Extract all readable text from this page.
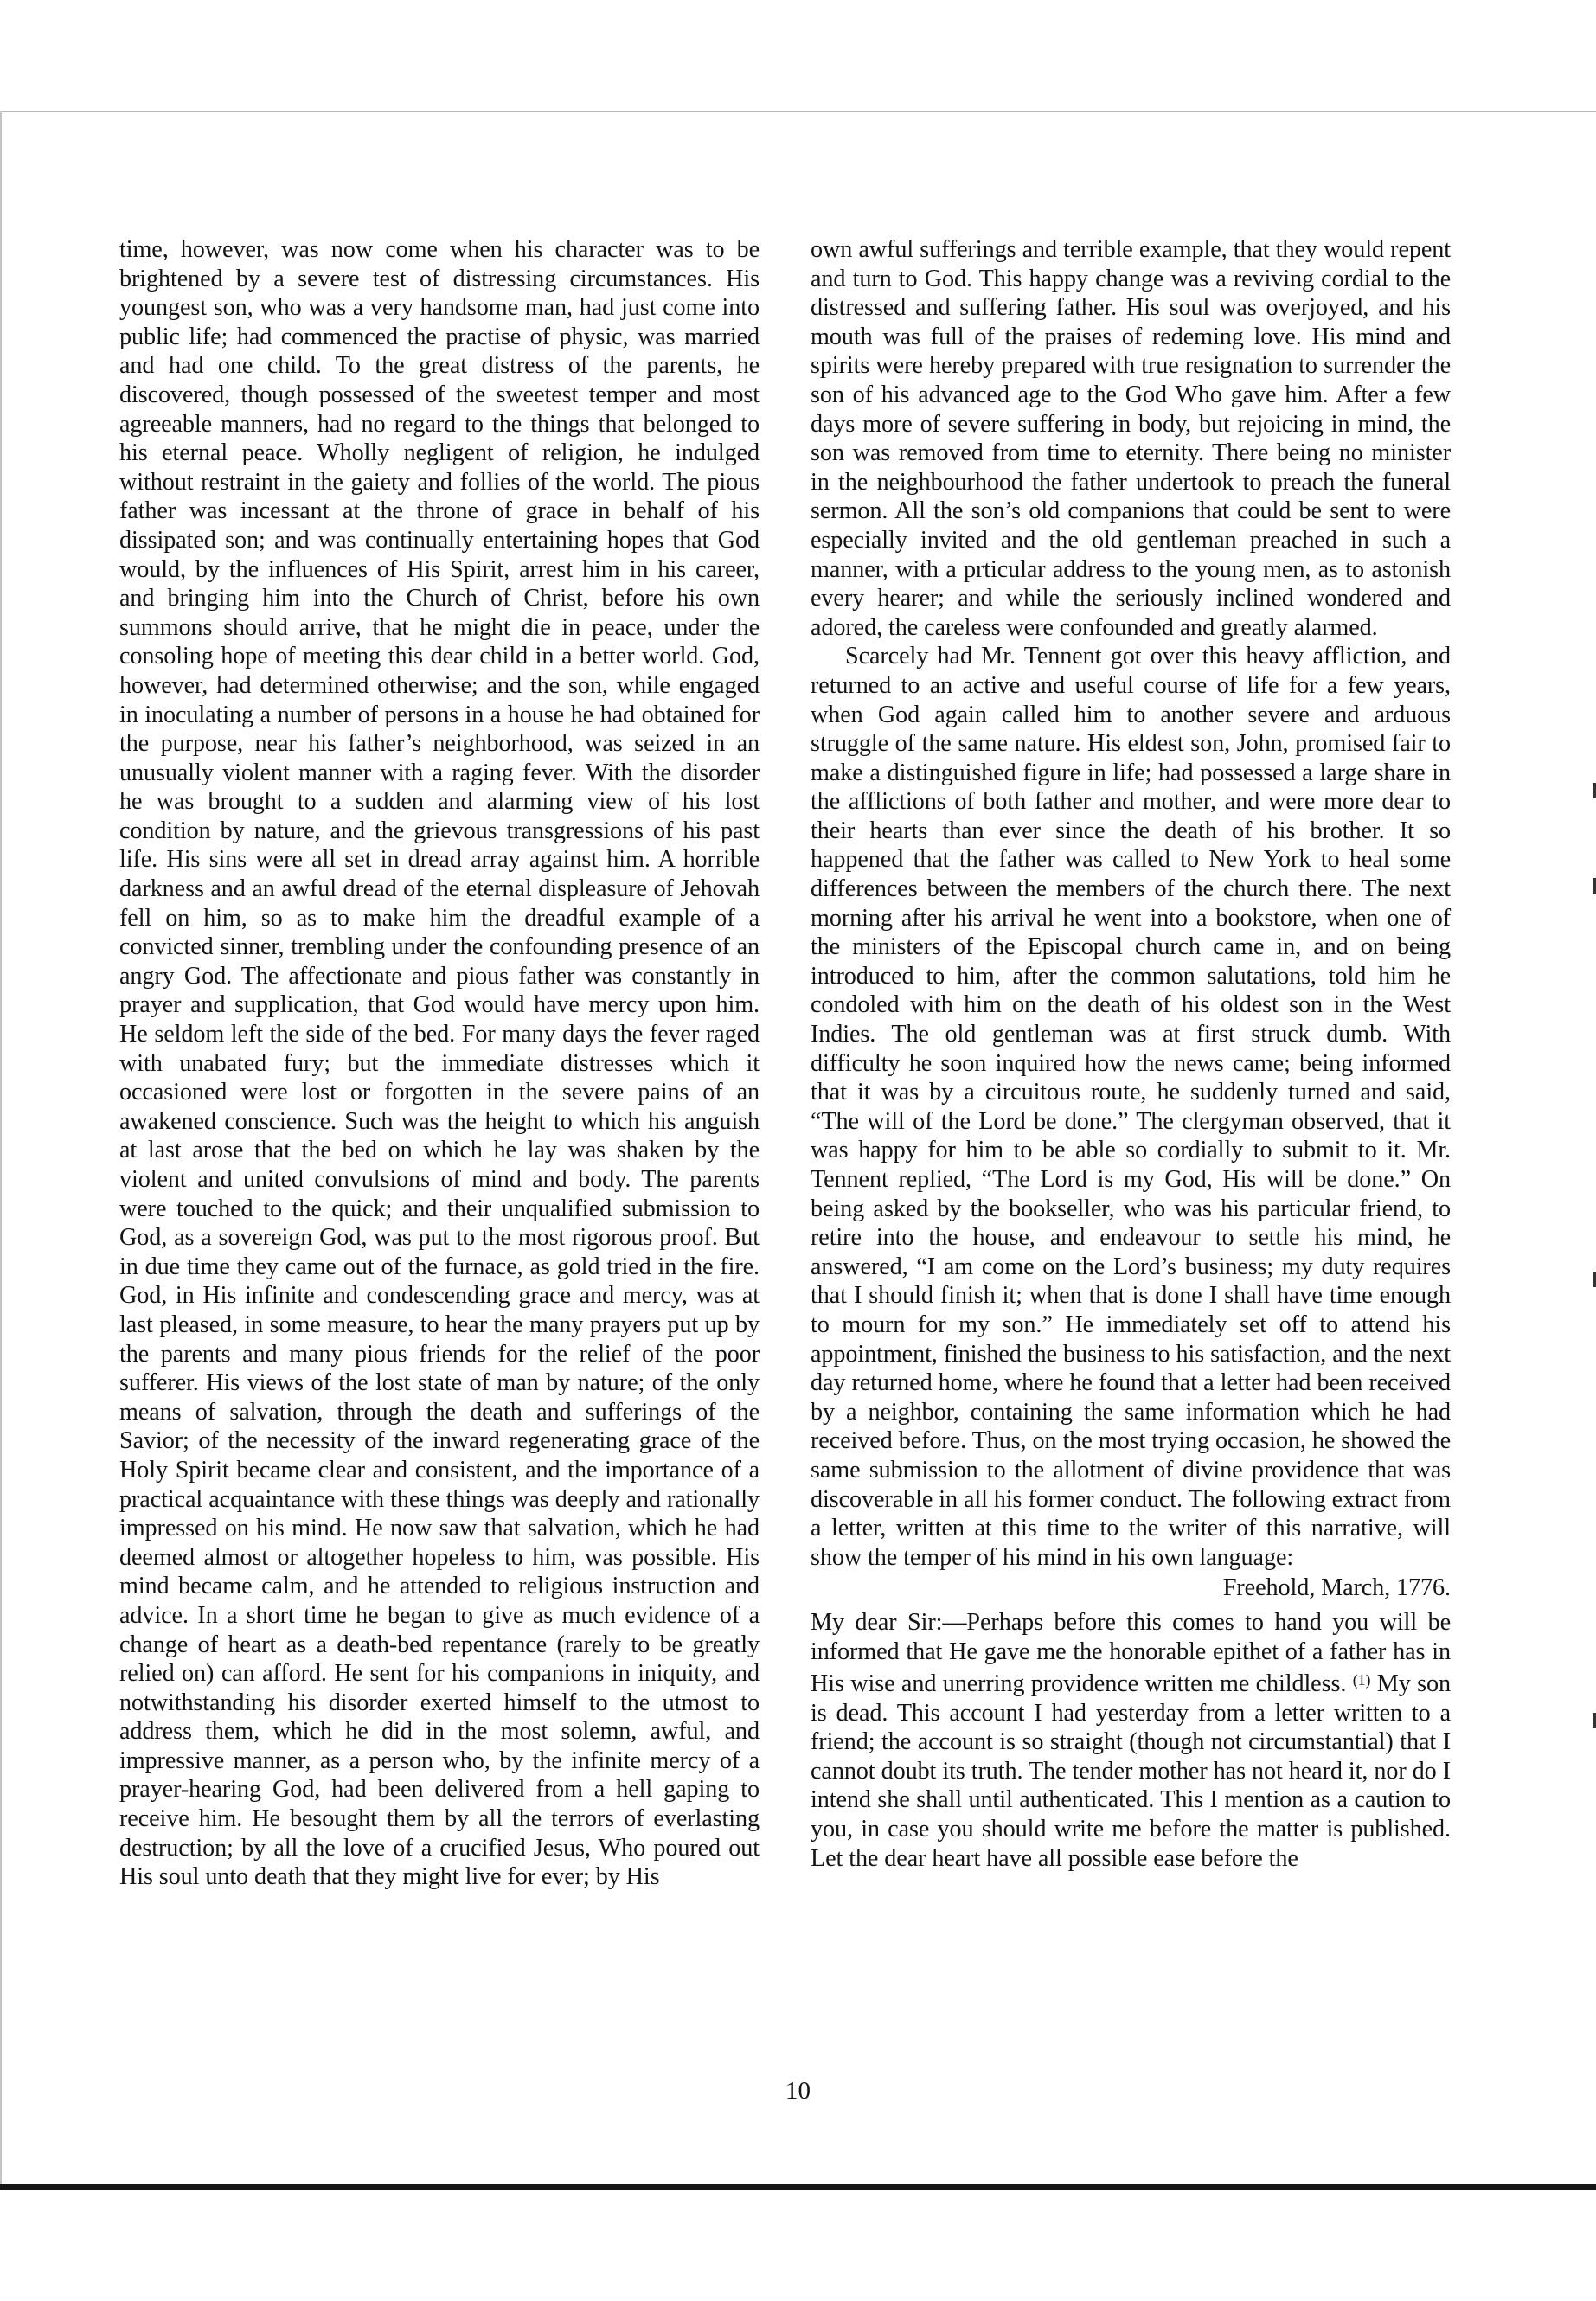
time, however, was now come when his character was to be brightened by a severe test of distressing circumstances. His youngest son, who was a very handsome man, had just come into public life; had commenced the practise of physic, was married and had one child. To the great distress of the parents, he discovered, though possessed of the sweetest temper and most agreeable manners, had no regard to the things that belonged to his eternal peace. Wholly negligent of religion, he indulged without restraint in the gaiety and follies of the world. The pious father was incessant at the throne of grace in behalf of his dissipated son; and was continually entertaining hopes that God would, by the influences of His Spirit, arrest him in his career, and bringing him into the Church of Christ, before his own summons should arrive, that he might die in peace, under the consoling hope of meeting this dear child in a better world. God, however, had determined otherwise; and the son, while engaged in inoculating a number of persons in a house he had obtained for the purpose, near his father’s neighborhood, was seized in an unusually violent manner with a raging fever. With the disorder he was brought to a sudden and alarming view of his lost condition by nature, and the grievous transgressions of his past life. His sins were all set in dread array against him. A horrible darkness and an awful dread of the eternal displeasure of Jehovah fell on him, so as to make him the dreadful example of a convicted sinner, trembling under the confounding presence of an angry God. The affectionate and pious father was constantly in prayer and supplication, that God would have mercy upon him. He seldom left the side of the bed. For many days the fever raged with unabated fury; but the immediate distresses which it occasioned were lost or forgotten in the severe pains of an awakened conscience. Such was the height to which his anguish at last arose that the bed on which he lay was shaken by the violent and united convulsions of mind and body. The parents were touched to the quick; and their unqualified submission to God, as a sovereign God, was put to the most rigorous proof. But in due time they came out of the furnace, as gold tried in the fire. God, in His infinite and condescending grace and mercy, was at last pleased, in some measure, to hear the many prayers put up by the parents and many pious friends for the relief of the poor sufferer. His views of the lost state of man by nature; of the only means of salvation, through the death and sufferings of the Savior; of the necessity of the inward regenerating grace of the Holy Spirit became clear and consistent, and the importance of a practical acquaintance with these things was deeply and rationally impressed on his mind. He now saw that salvation, which he had deemed almost or altogether hopeless to him, was possible. His mind became calm, and he attended to religious instruction and advice. In a short time he began to give as much evidence of a change of heart as a death-bed repentance (rarely to be greatly relied on) can afford. He sent for his companions in iniquity, and notwithstanding his disorder exerted himself to the utmost to address them, which he did in the most solemn, awful, and impressive manner, as a person who, by the infinite mercy of a prayer-hearing God, had been delivered from a hell gaping to receive him. He besought them by all the terrors of everlasting destruction; by all the love of a crucified Jesus, Who poured out His soul unto death that they might live for ever; by His

own awful sufferings and terrible example, that they would repent and turn to God. This happy change was a reviving cordial to the distressed and suffering father. His soul was overjoyed, and his mouth was full of the praises of redeming love. His mind and spirits were hereby prepared with true resignation to surrender the son of his advanced age to the God Who gave him. After a few days more of severe suffering in body, but rejoicing in mind, the son was removed from time to eternity. There being no minister in the neighbourhood the father undertook to preach the funeral sermon. All the son’s old companions that could be sent to were especially invited and the old gentleman preached in such a manner, with a prticular address to the young men, as to astonish every hearer; and while the seriously inclined wondered and adored, the careless were confounded and greatly alarmed.

Scarcely had Mr. Tennent got over this heavy affliction, and returned to an active and useful course of life for a few years, when God again called him to another severe and arduous struggle of the same nature. His eldest son, John, promised fair to make a distinguished figure in life; had possessed a large share in the afflictions of both father and mother, and were more dear to their hearts than ever since the death of his brother. It so happened that the father was called to New York to heal some differences between the members of the church there. The next morning after his arrival he went into a bookstore, when one of the ministers of the Episcopal church came in, and on being introduced to him, after the common salutations, told him he condoled with him on the death of his oldest son in the West Indies. The old gentleman was at first struck dumb. With difficulty he soon inquired how the news came; being informed that it was by a circuitous route, he suddenly turned and said, “The will of the Lord be done.” The clergyman observed, that it was happy for him to be able so cordially to submit to it. Mr. Tennent replied, “The Lord is my God, His will be done.” On being asked by the bookseller, who was his particular friend, to retire into the house, and endeavour to settle his mind, he answered, “I am come on the Lord’s business; my duty requires that I should finish it; when that is done I shall have time enough to mourn for my son.” He immediately set off to attend his appointment, finished the business to his satisfaction, and the next day returned home, where he found that a letter had been received by a neighbor, containing the same information which he had received before. Thus, on the most trying occasion, he showed the same submission to the allotment of divine providence that was discoverable in all his former conduct. The following extract from a letter, written at this time to the writer of this narrative, will show the temper of his mind in his own language:

Freehold, March, 1776.

My dear Sir:—Perhaps before this comes to hand you will be informed that He gave me the honorable epithet of a father has in His wise and unerring providence written me childless. $^{(1)}$ My son is dead. This account I had yesterday from a letter written to a friend; the account is so straight (though not circumstantial) that I cannot doubt its truth. The tender mother has not heard it, nor do I intend she shall until authenticated. This I mention as a caution to you, in case you should write me before the matter is published. Let the dear heart have all possible ease before the

10
